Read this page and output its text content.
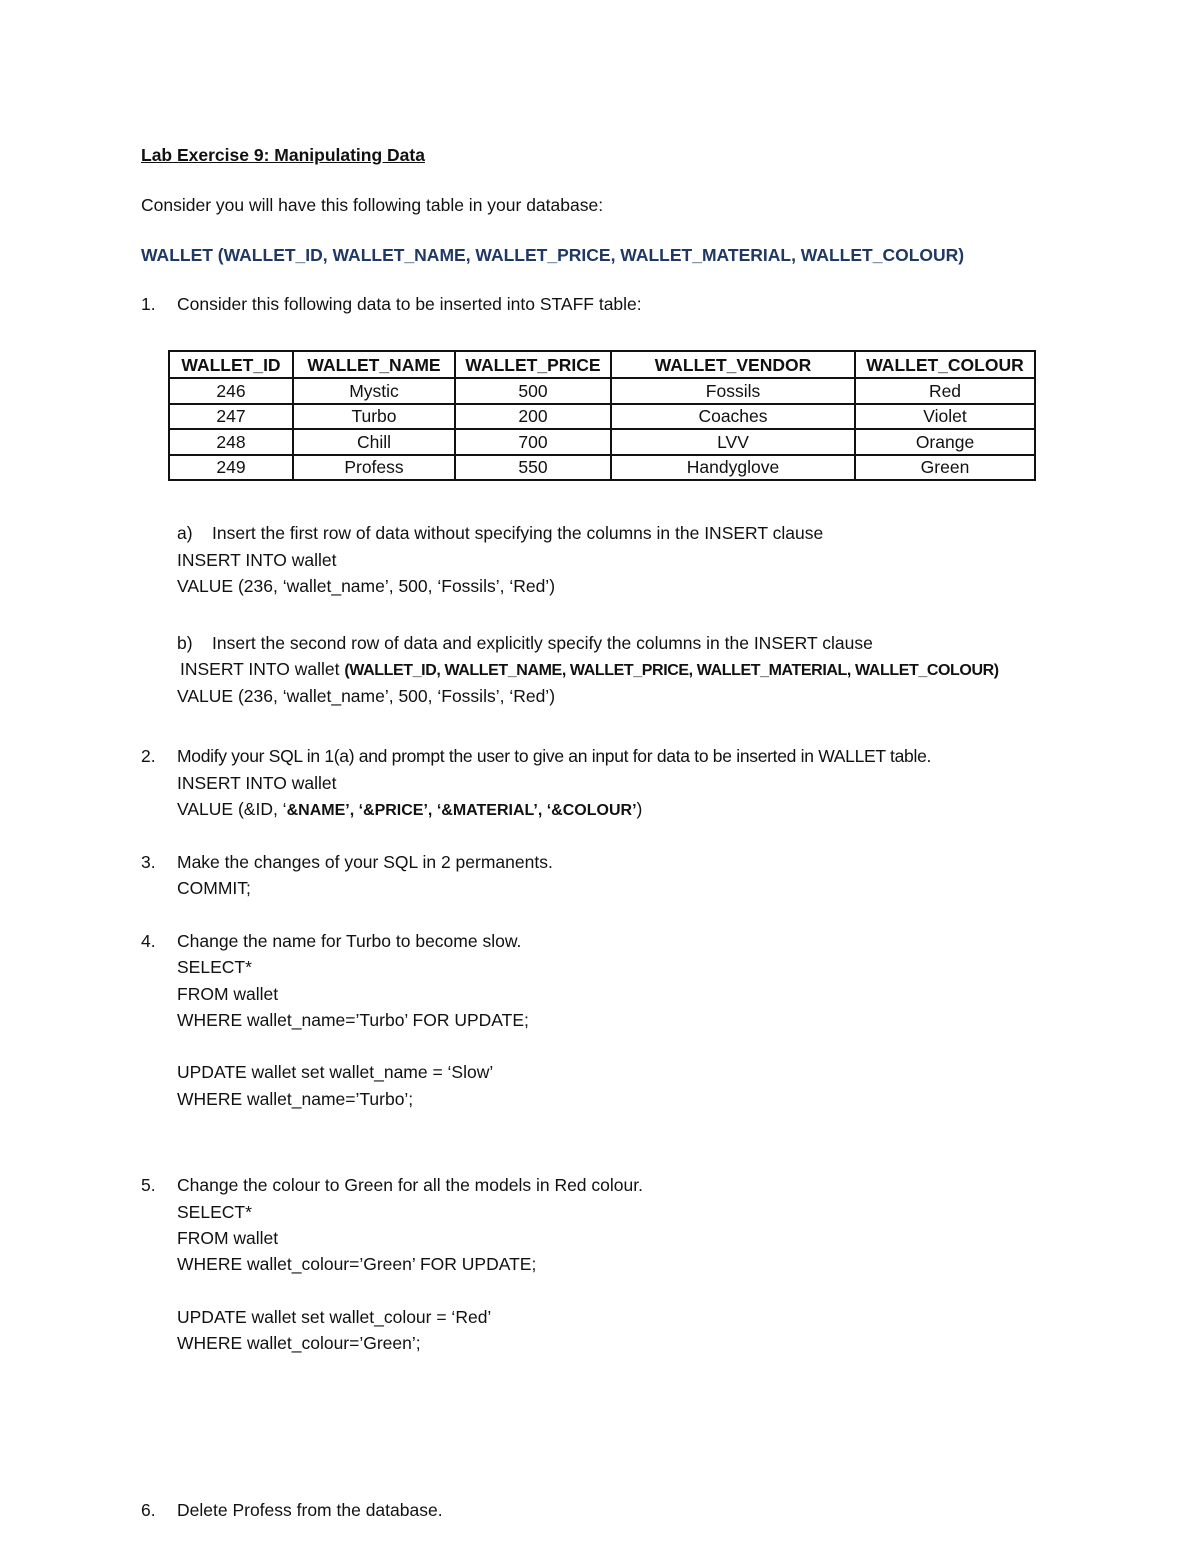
Lab Exercise 9: Manipulating Data
Consider you will have this following table in your database:
WALLET (WALLET_ID, WALLET_NAME, WALLET_PRICE, WALLET_MATERIAL, WALLET_COLOUR)
1. Consider this following data to be inserted into STAFF table:
WALLET_ID	WALLET_NAME	WALLET_PRICE	WALLET_VENDOR	WALLET_COLOUR
246	Mystic	500	Fossils	Red
247	Turbo	200	Coaches	Violet
248	Chill	700	LVV	Orange
249	Profess	550	Handyglove	Green
a) Insert the first row of data without specifying the columns in the INSERT clause
INSERT INTO wallet
VALUE (236, ‘wallet_name’, 500, ‘Fossils’, ‘Red’)
b) Insert the second row of data and explicitly specify the columns in the INSERT clause
INSERT INTO wallet (WALLET_ID, WALLET_NAME, WALLET_PRICE, WALLET_MATERIAL, WALLET_COLOUR)
VALUE (236, ‘wallet_name’, 500, ‘Fossils’, ‘Red’)
2. Modify your SQL in 1(a) and prompt the user to give an input for data to be inserted in WALLET table.
INSERT INTO wallet
VALUE (&ID, ‘&NAME’, ‘&PRICE’, ‘&MATERIAL’, ‘&COLOUR’)
3. Make the changes of your SQL in 2 permanents.
COMMIT;
4. Change the name for Turbo to become slow.
SELECT*
FROM wallet
WHERE wallet_name=’Turbo’ FOR UPDATE;
UPDATE wallet set wallet_name = ‘Slow’
WHERE wallet_name=’Turbo’;
5. Change the colour to Green for all the models in Red colour.
SELECT*
FROM wallet
WHERE wallet_colour=’Green’ FOR UPDATE;
UPDATE wallet set wallet_colour = ‘Red’
WHERE wallet_colour=’Green’;
6. Delete Profess from the database.
